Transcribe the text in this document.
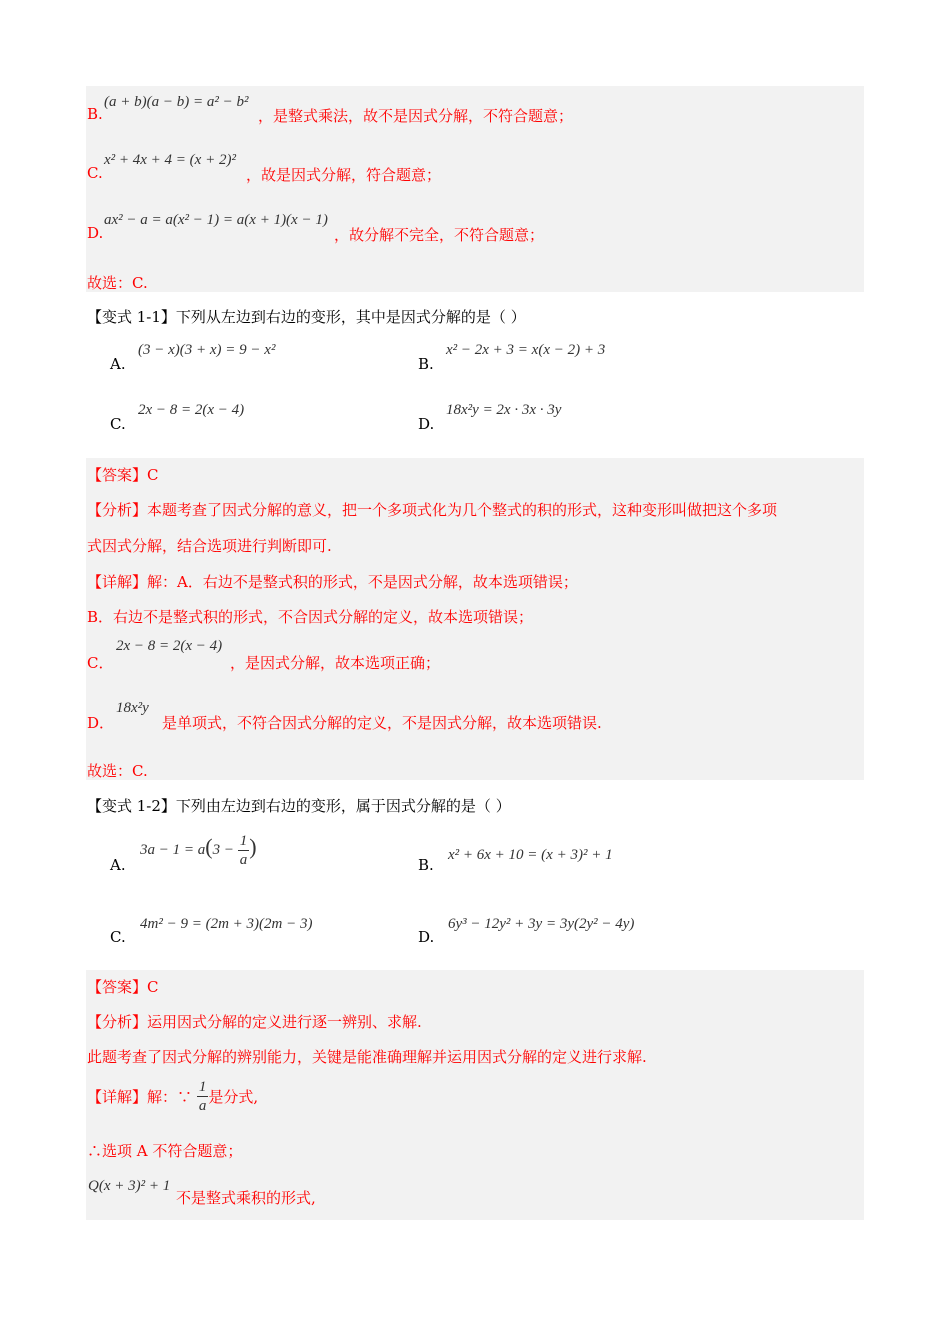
B.
(a + b)(a − b) = a² − b²
，是整式乘法，故不是因式分解，不符合题意；
C.
x² + 4x + 4 = (x + 2)²
，故是因式分解，符合题意；
D.
ax² − a = a(x² − 1) = a(x + 1)(x − 1)
，故分解不完全，不符合题意；
故选：C.
【变式 1-1】下列从左边到右边的变形，其中是因式分解的是（ ）
A.
(3 − x)(3 + x) = 9 − x²
B.
x² − 2x + 3 = x(x − 2) + 3
C.
2x − 8 = 2(x − 4)
D.
18x²y = 2x · 3x · 3y
【答案】C
【分析】本题考查了因式分解的意义，把一个多项式化为几个整式的积的形式，这种变形叫做把这个多项
式因式分解，结合选项进行判断即可.
【详解】解：A．右边不是整式积的形式，不是因式分解，故本选项错误；
B．右边不是整式积的形式，不合因式分解的定义，故本选项错误；
C．
2x − 8 = 2(x − 4)
，是因式分解，故本选项正确；
D．
18x²y
是单项式，不符合因式分解的定义，不是因式分解，故本选项错误.
故选：C.
【变式 1-2】下列由左边到右边的变形，属于因式分解的是（ ）
A.
$3a - 1 = a(3 - \frac{1}{a}$ )
B.
x² + 6x + 10 = (x + 3)² + 1
C.
4m² − 9 = (2m + 3)(2m − 3)
D.
6y³ − 12y² + 3y = 3y(2y² − 4y)
【答案】C
【分析】运用因式分解的定义进行逐一辨别、求解.
此题考查了因式分解的辨别能力，关键是能准确理解并运用因式分解的定义进行求解.
【详解】解：∵ $\frac{1}{a}$ 是分式,
∴选项 A 不符合题意；
Q(x + 3)² + 1
不是整式乘积的形式,
